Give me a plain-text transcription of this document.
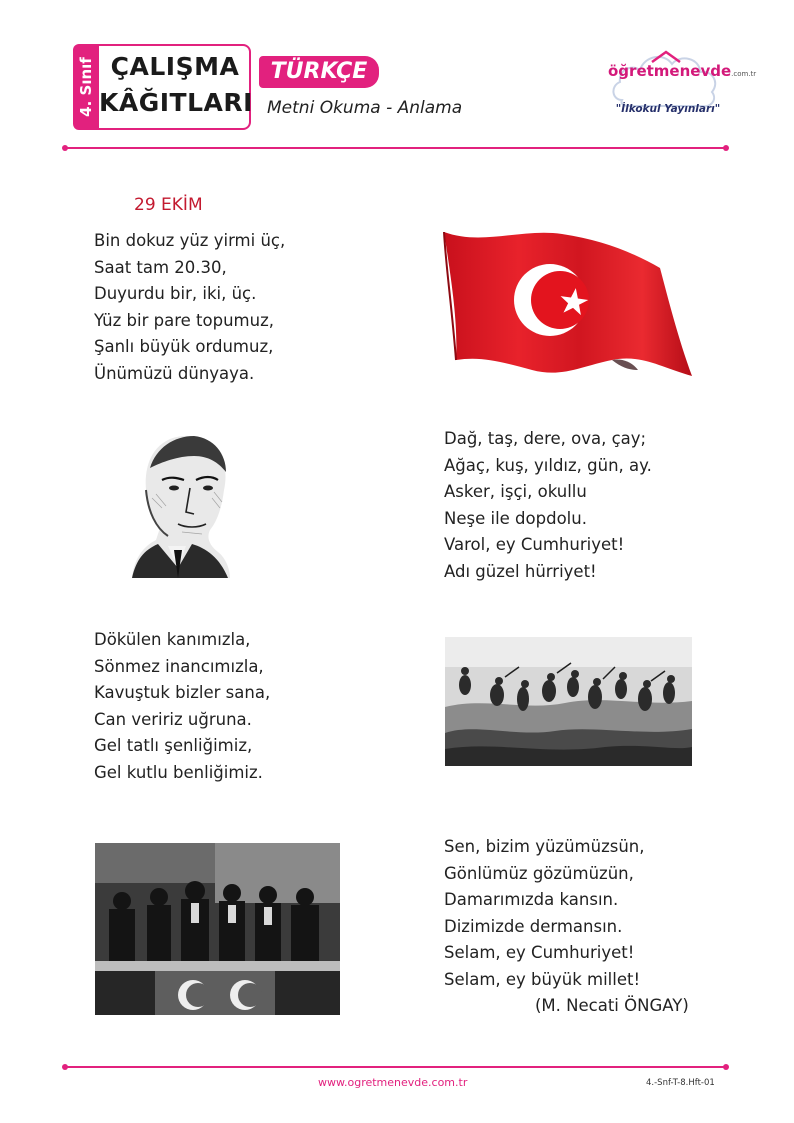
4. Sınıf ÇALIŞMA
KÂĞITLARI
TÜRKÇE
Metni Okuma - Anlama
öğretmenevde.com.tr
"İlkokul Yayınları"
29 EKİM
Bin dokuz yüz yirmi üç,
Saat tam 20.30,
Duyurdu bir, iki, üç.
Yüz bir pare topumuz,
Şanlı büyük ordumuz,
Ünümüzü dünyaya.
Dağ, taş, dere, ova, çay;
Ağaç, kuş, yıldız, gün, ay.
Asker, işçi, okullu
Neşe ile dopdolu.
Varol, ey Cumhuriyet!
Adı güzel hürriyet!
Dökülen kanımızla,
Sönmez inancımızla,
Kavuştuk bizler sana,
Can veririz uğruna.
Gel tatlı şenliğimiz,
Gel kutlu benliğimiz.
Sen, bizim yüzümüzsün,
Gönlümüz gözümüzün,
Damarımızda kansın.
Dizimizde dermansın.
Selam, ey Cumhuriyet!
Selam, ey büyük millet!
(M. Necati ÖNGAY)
www.ogretmenevde.com.tr	4.-Snf-T-8.Hft-01
